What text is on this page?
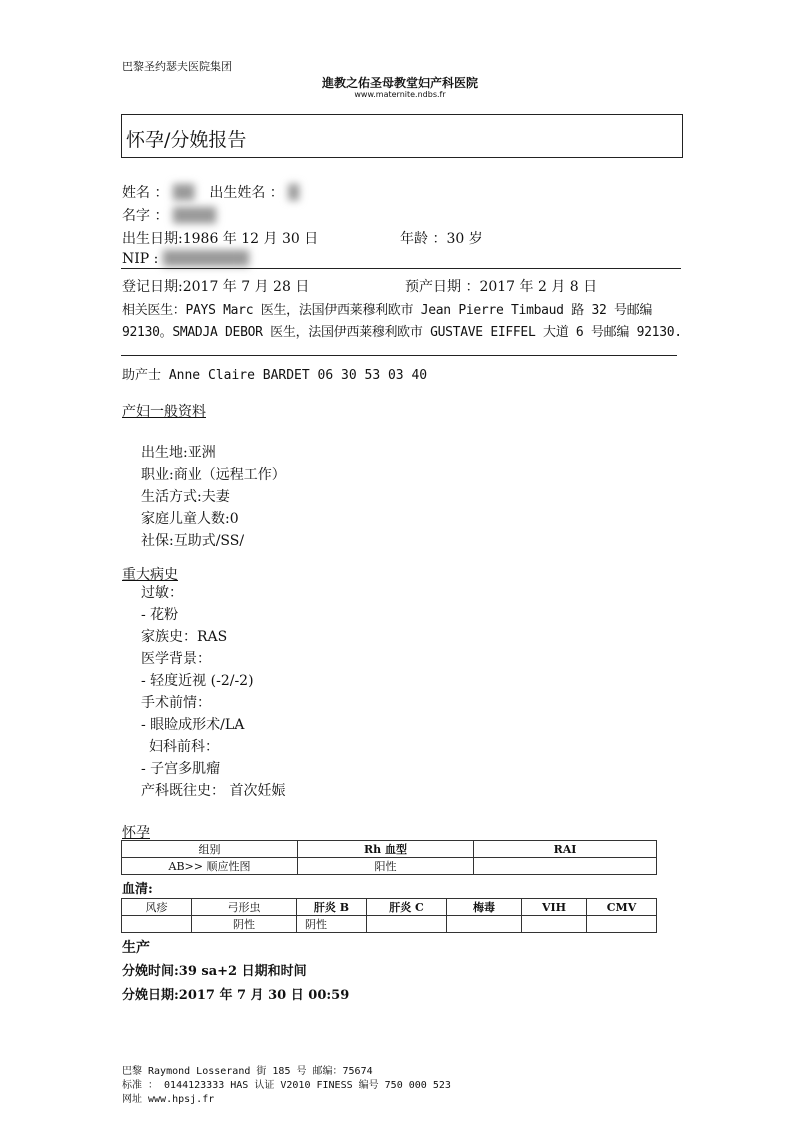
巴黎圣约瑟夫医院集团
進教之佑圣母教堂妇产科医院
www.maternite.ndbs.fr
怀孕/分娩报告
姓名 ： ██ 出生姓名 ： █
名字 ： ████
出生日期:1986 年 12 月 30 日	年龄 ：30 岁
NIP : ████████
登记日期:2017 年 7 月 28 日	预产日期 ：2017 年 2 月 8 日
相关医生：PAYS Marc 医生，法国伊西莱穆利欧市 Jean Pierre Timbaud 路 32 号邮编
92130。SMADJA DEBOR 医生，法国伊西莱穆利欧市 GUSTAVE EIFFEL 大道 6 号邮编 92130.
助产士 Anne Claire BARDET 06 30 53 03 40
产妇一般资料
出生地:亚洲
职业:商业（远程工作）
生活方式:夫妻
家庭儿童人数:0
社保:互助式/SS/
重大病史
过敏：
- 花粉
家族史：RAS
医学背景：
- 轻度近视 (-2/-2)
手术前情：
- 眼睑成形术/LA
妇科前科：
- 子宫多肌瘤
产科既往史： 首次妊娠
怀孕
组别	Rh 血型	RAI
AB>> 顺应性图	阳性	
血清:
风疹	弓形虫	肝炎 B	肝炎 C	梅毒	VIH	CMV
	阴性	阴性				
生产
分娩时间:39 sa+2 日期和时间
分娩日期:2017 年 7 月 30 日 00:59
巴黎 Raymond Losserand 街 185 号 邮编：75674
标准 ： 0144123333 HAS 认证 V2010 FINESS 编号 750 000 523
网址 www.hpsj.fr
